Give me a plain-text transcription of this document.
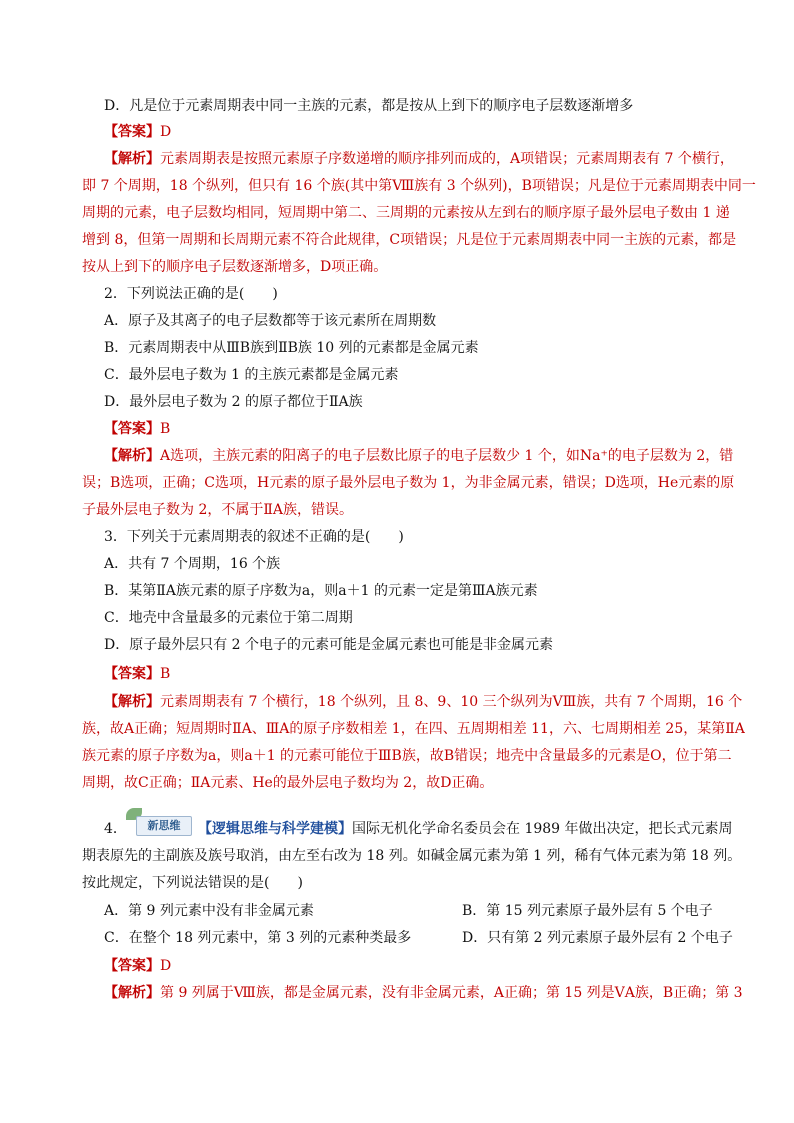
D．凡是位于元素周期表中同一主族的元素，都是按从上到下的顺序电子层数逐渐增多
【答案】D
【解析】元素周期表是按照元素原子序数递增的顺序排列而成的，A项错误；元素周期表有 7 个横行，
即 7 个周期，18 个纵列，但只有 16 个族(其中第Ⅷ族有 3 个纵列)，B项错误；凡是位于元素周期表中同一
周期的元素，电子层数均相同，短周期中第二、三周期的元素按从左到右的顺序原子最外层电子数由 1 递
增到 8，但第一周期和长周期元素不符合此规律，C项错误；凡是位于元素周期表中同一主族的元素，都是
按从上到下的顺序电子层数逐渐增多，D项正确。
2．下列说法正确的是(　　)
A．原子及其离子的电子层数都等于该元素所在周期数
B．元素周期表中从ⅢB族到ⅡB族 10 列的元素都是金属元素
C．最外层电子数为 1 的主族元素都是金属元素
D．最外层电子数为 2 的原子都位于ⅡA族
【答案】B
【解析】A选项，主族元素的阳离子的电子层数比原子的电子层数少 1 个，如Na⁺的电子层数为 2，错
误；B选项，正确；C选项，H元素的原子最外层电子数为 1，为非金属元素，错误；D选项，He元素的原
子最外层电子数为 2，不属于ⅡA族，错误。
3．下列关于元素周期表的叙述不正确的是(　　)
A．共有 7 个周期，16 个族
B．某第ⅡA族元素的原子序数为a，则a＋1 的元素一定是第ⅢA族元素
C．地壳中含量最多的元素位于第二周期
D．原子最外层只有 2 个电子的元素可能是金属元素也可能是非金属元素
【答案】B
【解析】元素周期表有 7 个横行，18 个纵列，且 8、9、10 三个纵列为ⅤⅢ族，共有 7 个周期，16 个
族，故A正确；短周期时ⅡA、ⅢA的原子序数相差 1，在四、五周期相差 11，六、七周期相差 25，某第ⅡA
族元素的原子序数为a，则a＋1 的元素可能位于ⅢB族，故B错误；地壳中含量最多的元素是O，位于第二
周期，故C正确；ⅡA元素、He的最外层电子数均为 2，故D正确。
4．	新思维	【逻辑思维与科学建模】国际无机化学命名委员会在 1989 年做出决定，把长式元素周
期表原先的主副族及族号取消，由左至右改为 18 列。如碱金属元素为第 1 列，稀有气体元素为第 18 列。
按此规定，下列说法错误的是(　　)
A．第 9 列元素中没有非金属元素	B．第 15 列元素原子最外层有 5 个电子
C．在整个 18 列元素中，第 3 列的元素种类最多	D．只有第 2 列元素原子最外层有 2 个电子
【答案】D
【解析】第 9 列属于Ⅷ族，都是金属元素，没有非金属元素，A正确；第 15 列是ⅤA族，B正确；第 3
